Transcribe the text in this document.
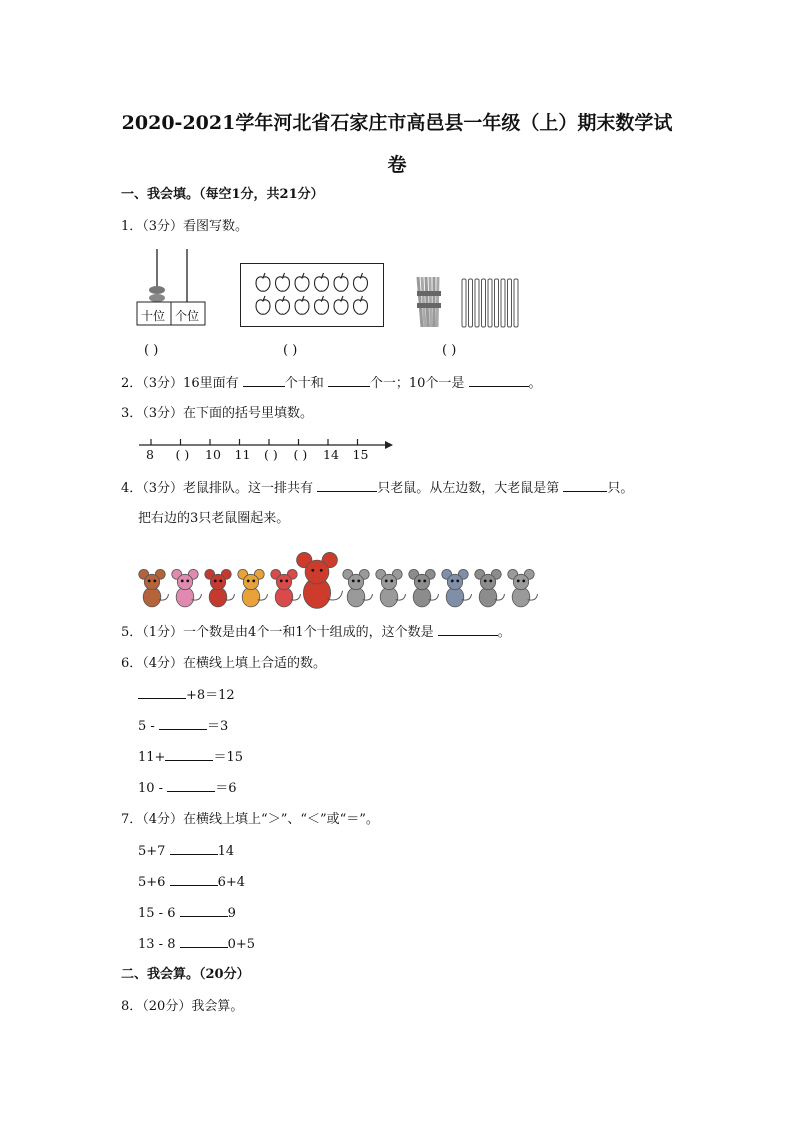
2020-2021学年河北省石家庄市高邑县一年级（上）期末数学试
卷
一、我会填。（每空1分，共21分）
1．（3分）看图写数。
十位 个位
( )	( )	( )
2．（3分）16里面有	个十和	个一；10个一是	。
3．（3分）在下面的括号里填数。
8 ( ) 10 11 ( ) ( ) 14 15
4．（3分）老鼠排队。这一排共有	只老鼠。从左边数，大老鼠是第	只。
把右边的3只老鼠圈起来。
5．（1分）一个数是由4个一和1个十组成的，这个数是	。
6．（4分）在横线上填上合适的数。
+8＝12
5 -	＝3
11+	＝15
10 -	＝6
7．（4分）在横线上填上“＞”、“＜”或“＝”。
5+7	14
5+6	6+4
15 - 6	9
13 - 8	0+5
二、我会算。（20分）
8．（20分）我会算。
